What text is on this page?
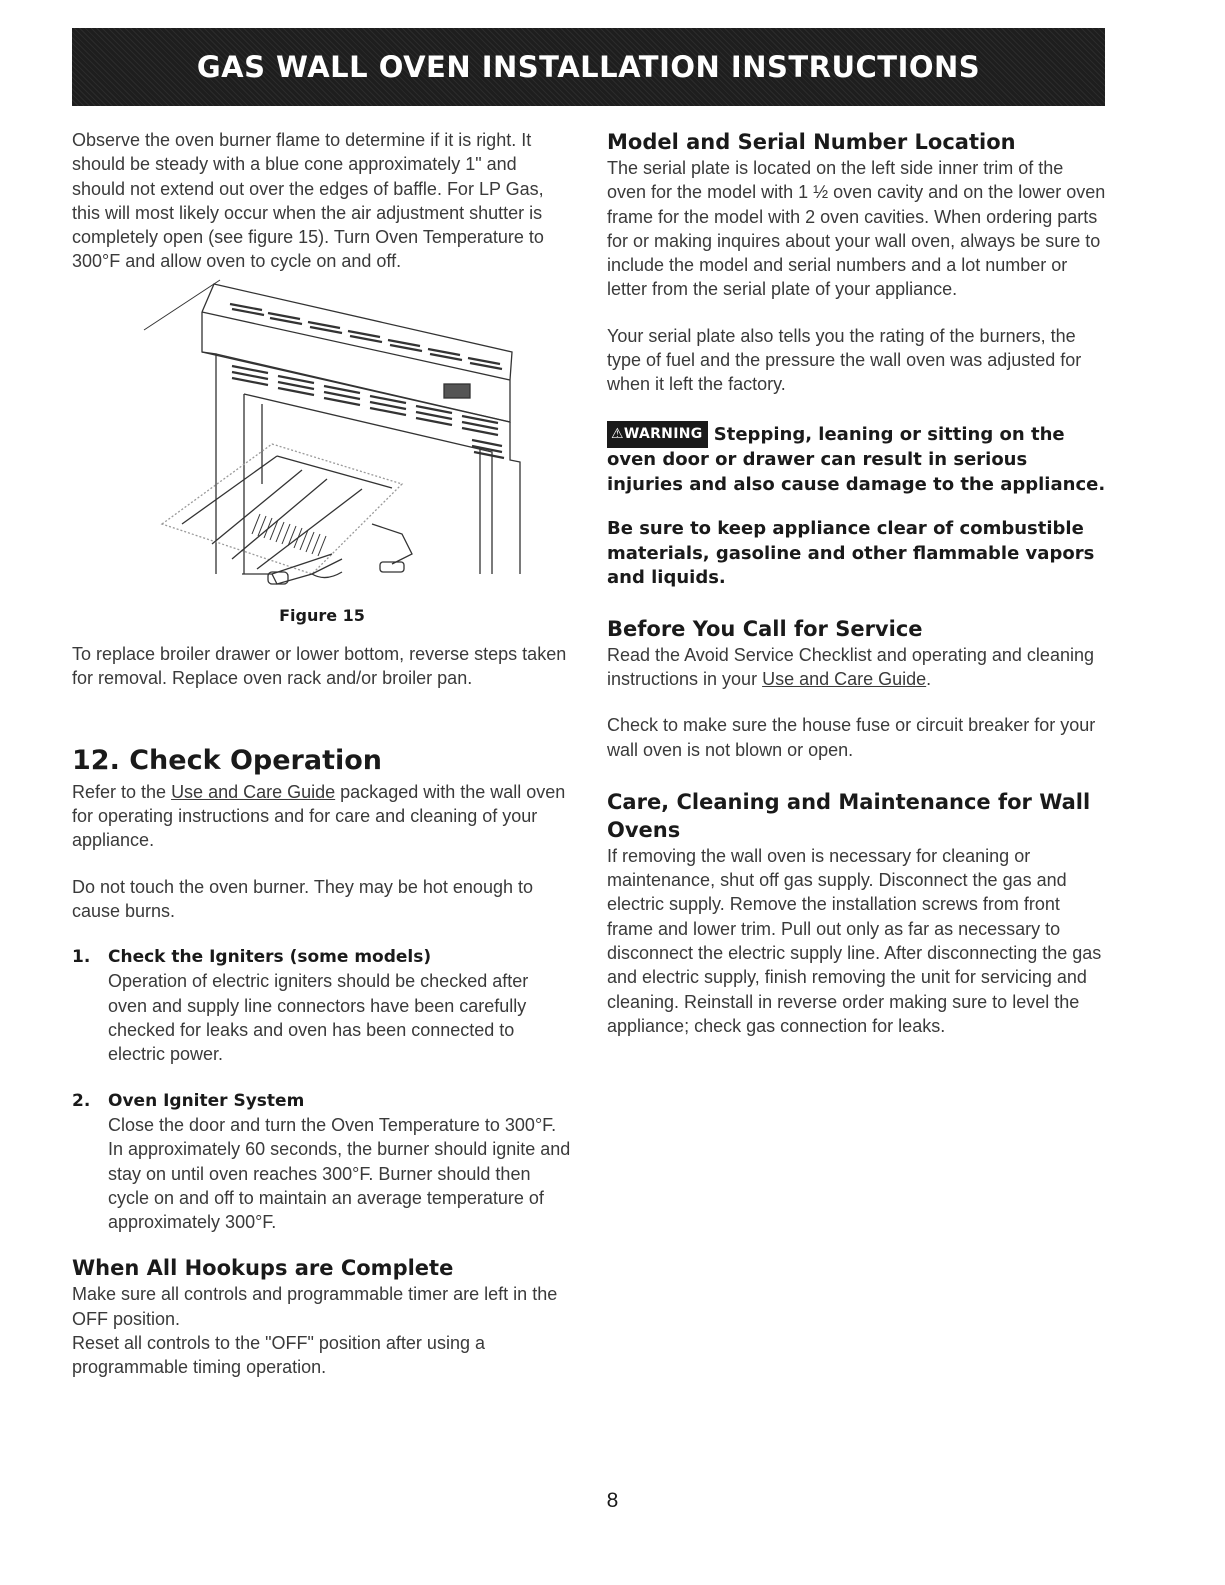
GAS WALL OVEN INSTALLATION INSTRUCTIONS

Observe the oven burner flame to determine if it is right. It should be steady with a blue cone approximately 1" and should not extend out over the edges of baffle. For LP Gas, this will most likely occur when the air adjustment shutter is completely open (see figure 15). Turn Oven Temperature to 300°F and allow oven to cycle on and off.

Figure 15

To replace broiler drawer or lower bottom, reverse steps taken for removal. Replace oven rack and/or broiler pan.

12. Check Operation

Refer to the Use and Care Guide packaged with the wall oven for operating instructions and for care and cleaning of your appliance.

Do not touch the oven burner. They may be hot enough to cause burns.

1. Check the Igniters (some models)

Operation of electric igniters should be checked after oven and supply line connectors have been carefully checked for leaks and oven has been connected to electric power.

2. Oven Igniter System

Close the door and turn the Oven Temperature to 300°F. In approximately 60 seconds, the burner should ignite and stay on until oven reaches 300°F. Burner should then cycle on and off to maintain an average temperature of approximately 300°F.

When All Hookups are Complete

Make sure all controls and programmable timer are left in the OFF position.

Reset all controls to the "OFF" position after using a programmable timing operation.

Model and Serial Number Location

The serial plate is located on the left side inner trim of the oven for the model with 1 ½ oven cavity and on the lower oven frame for the model with 2 oven cavities. When ordering parts for or making inquires about your wall oven, always be sure to include the model and serial numbers and a lot number or letter from the serial plate of your appliance.

Your serial plate also tells you the rating of the burners, the type of fuel and the pressure the wall oven was adjusted for when it left the factory.

⚠WARNING Stepping, leaning or sitting on the oven door or drawer can result in serious injuries and also cause damage to the appliance.

Be sure to keep appliance clear of combustible materials, gasoline and other flammable vapors and liquids.

Before You Call for Service

Read the Avoid Service Checklist and operating and cleaning instructions in your Use and Care Guide.

Check to make sure the house fuse or circuit breaker for your wall oven is not blown or open.

Care, Cleaning and Maintenance for Wall Ovens

If removing the wall oven is necessary for cleaning or maintenance, shut off gas supply. Disconnect the gas and electric supply. Remove the installation screws from front frame and lower trim. Pull out only as far as necessary to disconnect the electric supply line. After disconnecting the gas and electric supply, finish removing the unit for servicing and cleaning. Reinstall in reverse order making sure to level the appliance; check gas connection for leaks.

8
